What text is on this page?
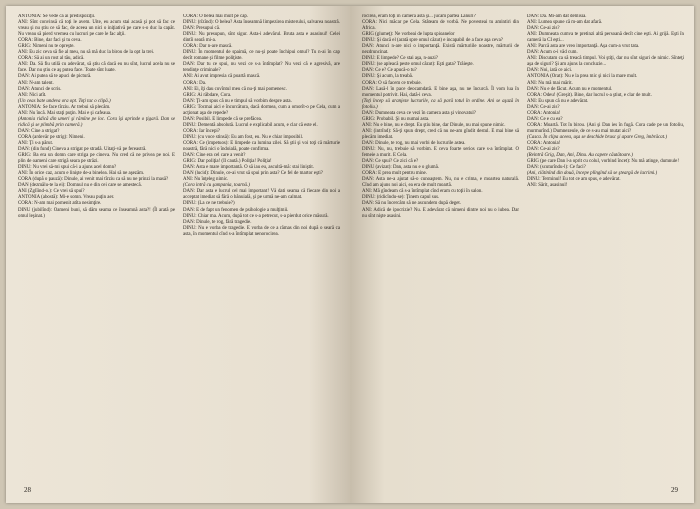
ANTONIA: Se vede că ai predispoziţii.

ANI: Sînt convinsă că toţi le avem. Uite, eu acum stai acasă şi pot să fac ce vreau şi nu ştiu ce să fac, de aceea un nici o iniţiativă pe care s-o duc la capăt. Nu vreau să pierd vremea cu lucruri pe care le fac alţii.

CORA: Bine, dar faci şi tu ceva.

GRIG: Nimeni nu te opreşte.

ANI: Eu zic ceva să fie al meu, nu să mă duc la birou de la opt la trei.

CORA: Să ai un rost al tău, adică.

ANI: Da. Să fiu utilă cu adevărat, să ştiu că dacă eu nu sînt, lucrul acela nu se face. Dar nu ştiu ce aş putea face. Toate sînt luate.

DAN: Ai putea să te apuci de pictură.

ANI: N-am talent.

DAN: Atunci de scris.

ANI: Nici atît.

(Un ceas bate undeva ora opt. Toţi tac o clipă.)

ANTONIA: Se face tîrziu. Ar trebui să plecăm.

ANI: Nu încă. Mai staţi puţin. Mai e şi cafeaua.

(Antonia ridică din umeri şi rămîne pe loc. Cora îşi aprinde o ţigară. Dan se ridică şi se plimbă prin cameră.)

DAN: Cine a strigat?

CORA (ardevăr pe strig): Nimeni.

ANI: Ţi s-a părut.

DAN: (din fund) Cineva a strigat pe stradă. Uitaţi-vă pe fereastră.

GRIG: Ba era un domn care striga pe cineva. Nu cred că ne privea pe noi. E plin de oameni care strigă seara pe străzi.

DINU: Nu vrei să-mi spui că-i a ajuns acel domn?

ANI: În orice caz, acum e linişte de-a binelea. Hai să ne aşezăm.

CORA (după o pauză): Dinule, ai venit mai tîrziu ca să nu ne prinzi la masă?

DAN (dezmălu-te la ei): Domnul nu e din cei care se amestecă.

ANI (Zglîind-o.): Ce vrei să spui?

ANTONIA (abostă): Mi-e somn. Vreau puţin aer.

CORA: N-am mai pomenit atîta nesimţire.

DINU (jubilînd): Oameni buni, să dăm seama ce înseamnă asta?! (Îl arată pe omul leşinat.)

CORA: O belea mai mult pe cap.

DINU: (rîzînd): O belea? Asta înseamnă limpezirea misterului, salvarea noastră.

DAN: Presupui că.

DINU: Nu presupun, sînt sigur. Asta-i adevărul. Bruta asta e asasinul! Celei dintîi seară mi-a.

CORA: Dar n-are mască.

DINU: În momentul de spaimă, ce nu-şi poate închipui omul? Tu n-ai în cap decît romane şi filme poliţiste.

DAN: Dar tu ce spui, nu vezi ce s-a întîmplat? Nu vezi că e agresivă, are tendinţe criminale?

ANI: Ai avut impresia că poartă mască.

CORA: Da.

ANI: Ei, îţi dau cuvîntul meu că nu-ţi mai pomenesc.

GRIG: Ai răbdare, Cora.

DAN: Ţi-am spus că nu e timpul să vorbim despre asta.

GRIG: Tocmai aici e încurcătura, dacă dormea, cum a omorît-o pe Cela, cum a acţionat aşa de repede?

DAN: Posibil. E limpede că se prefăcea.

DINU: Dementă absolută. Lucrul e explicabil acum, e clar că este el.

CORA: Iar începi?

DINU: (cu voce stinsă): Eu am fost, eu. Nu e chiar imposibil.

CORA: Ce (impetuos): E limpede ca lumina zilei. Să ştii şi voi toţi că mărturie noastră, fără nici o îndoială, poate confirma.

DAN: Cine era cel care a venit?

GRIG: Dar poliţia! (Il caută.) Poliţia! Poliţia!

DAN: Asta e mare importantă. O să iau eu, ascultă-mă: stai liniştit.

DAN (lucid): Dinule, ce-ai vrut să spui prin asta? Ce fel de martor eşti?

ANI: Nu înţeleg nimic.

(Cora intră cu şampania, toarnă.)

DAN: Dar asta e lucrul cel mai important! Vă dati seama că fiecare din noi a acceptat imediat să fărâ o bănuială, şi pe urmă ne-am calmat.

DINU: (La ce ne trebuie?)

DAN: E de fapt un fenomen de psihologie a mulţimii.

DINU: Chiar ma. Acum, după tot ce s-a petrecut, s-a pierdut orice măsură.

DAN: Dinule, te rog, fără tragedie.

DINU: Nu e vorba de tragedie. E vorba de ce a rămas din noi după o seară ca asta, în momentul cînd s-a întîmplat nenorocirea.

28

rocirea, eram toţi în camera asta şi... jucam partea Lanuri?

CORA: Nici măcar pe Cela. Stăteam de vorbă. Ne povesteai tu amintiri din Africa.

GRIG (glumeţ): Ne vorbeai de lupta spioanelor

DINU: Şi dacă el (arată spre omul căzut) e incapabil de a face aşa ceva?

DAN: Atunci n-are nici o importanţă. Există mărturiile noastre, mărturii de nezdruncinat.

DINU: E limpede? Ce stai aşa, n-auzi?

DINU: (se apleacă peste omul căzut): Eşti gata? Trăieşte.

DAN: Ce e? Ce apucă-o tu?

DINU: Şi acum, la treabă.

CORA: O să facem ce trebuie.

DAN: Lasă-l în pace deocamdată. E bine aşa, nu ne încurcă. Îl vom lua în momentul potrivit. Hai, dată-i ceva.

(Toţi încep să aranjeze lucrurile, ca să pară totul în ordine. Ani se aşază în fotoliu.)

DAN: Dumneata ceva ce vezi în camera asta şi vinovatul?

GRIG: Probabil. Şi nu numai asta.

ANI: Nu e bine, nu e drept. Eu ştiu bine, dar Dinule, nu mai spune nimic.

ANI: (intrînd): Să-ţi spun drept, cred că nu ne-am gîndit destul. E mai bine să plecăm imediat.

DAN: Dinule, te rog, nu mai vorbi de lucrurile astea.

DINU: Nu, nu, trebuie să vorbim. E ceva foarte serios care s-a întîmplat. O femeie a murit. E Cela.

DAN: Ce spui? Ce zici că e?

DINU (avizat): Dan, asta nu e o glumă.

CORA: E prea mult pentru mine.

DAN: Asta ne-a ajutat să-o cunoaştem. Nu, nu e crima, e moartea naturală. Cînd am ajuns noi aici, ea era de mult moartă.

ANI: Mă gîndeam că s-a întîmplat cînd eram cu toţii în salon.

DINU: (ridicîndu-se): Ţinem capul sus.

DAN: Să nu încercăm să ne ascundem după deget.

ANI: Adică de ipocrizie? Nu. E adevărat că nimeni dintre noi nu o iubea. Dar nu sînt nişte asasini.

DAN: Da. Mi-am dat demisia.

ANI: Lumea spune că m-am dat afară.

DAN: Ce-ai zis?

ANI: Dumneata cumva te pretinzi altă persoană decît cine eşti. Ai grijă. Eşti în cameră la CI eşti...

ANI: Parcă asta are vreo importanţă. Aşa cum-a vrut tata.

DAN: Acum o-i văd cum.

ANI: Discutam ca să treacă timpul. Voi ştiţi, dar nu sînt siguri de nimic. Sînteţi aşa de siguri? Şi am ajuns la concluzie...

DAN: Noi, iată ce aici.

ANTONIA (Orat): Nu e la prea mic şi nici la mare mult.

ANI: Nu mă mai mărit.

DAN: Nu e de făcut. Acum nu e momentul.

CORA: Odeu! (Greşit). Bine, dar lucrul s-a ştiut, e clar de mult.

ANI: Eu spun că nu e adevărat.

DAN: Ce-ai zis?

CORA: Antonia!

DAN: Ce e cu ea?

CORA: Moartă. Tot în birou. (Ani şi Dan ies în fugă. Cora cade pe un fotoliu, murmurînd.) Dumnezeule, de ce s-au mai mutat aici?

(Casca. În clipa aceea, uşa se deschide brusc şi apare Greg, îmbrăcat.)

CORA: Antonia!

DAN: Ce-ai zis?

(Reintră Grig, Dan, Ani, Dinu. Au capete căutătoare.)

GRIG (pe care Dan l-a oprit cu colul, vorbind încet): Nu mă atinge, dumnule!

DAN: (scuturîndu-l): Ce faci?

(Ani, clătinînd din două, începe plîngînd să se şteargă de lacrimi.)

DINU: Terminul! Eu tot ce am spus, e adevărat.

ANI: Sărit, asasinul!

29
